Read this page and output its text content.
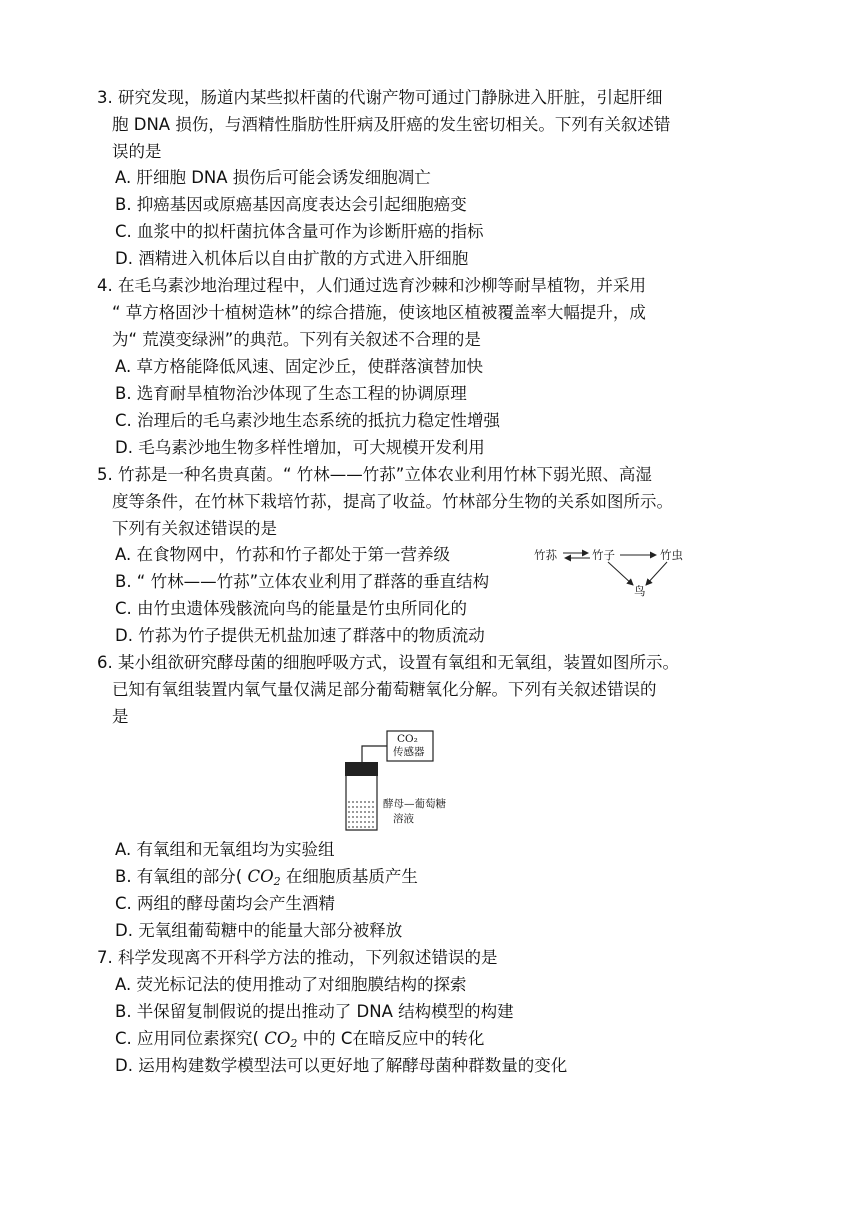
3. 研究发现，肠道内某些拟杆菌的代谢产物可通过门静脉进入肝脏，引起肝细
胞 DNA 损伤，与酒精性脂肪性肝病及肝癌的发生密切相关。下列有关叙述错
误的是
A. 肝细胞 DNA 损伤后可能会诱发细胞凋亡
B. 抑癌基因或原癌基因高度表达会引起细胞癌变
C. 血浆中的拟杆菌抗体含量可作为诊断肝癌的指标
D. 酒精进入机体后以自由扩散的方式进入肝细胞
4. 在毛乌素沙地治理过程中，人们通过选育沙棘和沙柳等耐旱植物，并采用
“ 草方格固沙十植树造林”的综合措施，使该地区植被覆盖率大幅提升，成
为“ 荒漠变绿洲”的典范。下列有关叙述不合理的是
A. 草方格能降低风速、固定沙丘，使群落演替加快
B. 选育耐旱植物治沙体现了生态工程的协调原理
C. 治理后的毛乌素沙地生态系统的抵抗力稳定性增强
D. 毛乌素沙地生物多样性增加，可大规模开发利用
5. 竹荪是一种名贵真菌。“ 竹林——竹荪”立体农业利用竹林下弱光照、高湿
度等条件，在竹林下栽培竹荪，提高了收益。竹林部分生物的关系如图所示。
下列有关叙述错误的是
A. 在食物网中，竹荪和竹子都处于第一营养级
B. “ 竹林——竹荪”立体农业利用了群落的垂直结构
C. 由竹虫遗体残骸流向鸟的能量是竹虫所同化的
D. 竹荪为竹子提供无机盐加速了群落中的物质流动
竹荪	竹子	竹虫
鸟
6. 某小组欲研究酵母菌的细胞呼吸方式，设置有氧组和无氧组，装置如图所示。
已知有氧组装置内氧气量仅满足部分葡萄糖氧化分解。下列有关叙述错误的
是
CO₂
传感器
酵母—葡萄糖
溶液
A. 有氧组和无氧组均为实验组
B. 有氧组的部分( $CO_2$ 在细胞质基质产生
C. 两组的酵母菌均会产生酒精
D. 无氧组葡萄糖中的能量大部分被释放
7. 科学发现离不开科学方法的推动，下列叙述错误的是
A. 荧光标记法的使用推动了对细胞膜结构的探索
B. 半保留复制假说的提出推动了 DNA 结构模型的构建
C. 应用同位素探究( $CO_2$ 中的 C在暗反应中的转化
D. 运用构建数学模型法可以更好地了解酵母菌种群数量的变化
